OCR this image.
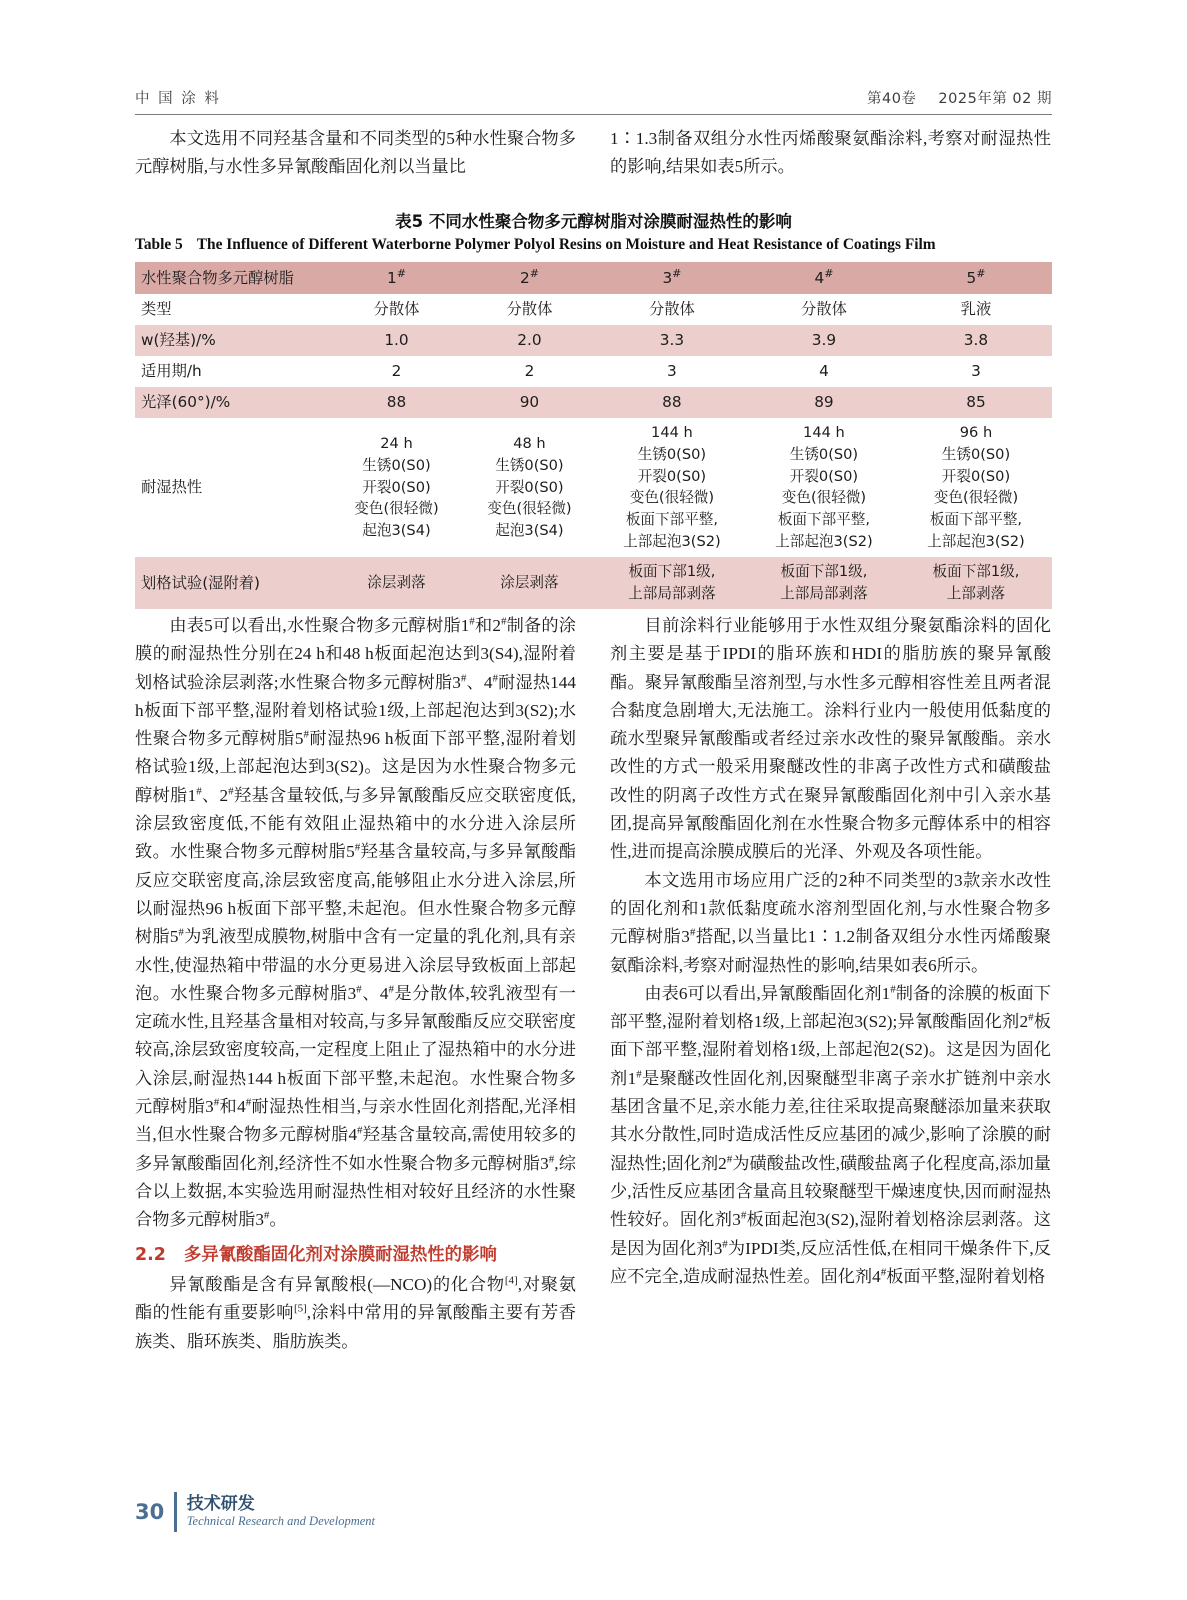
中 国 涂 料	第40卷 2025年第 02 期
本文选用不同羟基含量和不同类型的5种水性聚合物多元醇树脂,与水性多异氰酸酯固化剂以当量比
1∶1.3制备双组分水性丙烯酸聚氨酯涂料,考察对耐湿热性的影响,结果如表5所示。
表5 不同水性聚合物多元醇树脂对涂膜耐湿热性的影响
Table 5 The Influence of Different Waterborne Polymer Polyol Resins on Moisture and Heat Resistance of Coatings Film
水性聚合物多元醇树脂	1#	2#	3#	4#	5#
类型	分散体	分散体	分散体	分散体	乳液
w(羟基)/%	1.0	2.0	3.3	3.9	3.8
适用期/h	2	2	3	4	3
光泽(60°)/%	88	90	88	89	85
耐湿热性	24 h
生锈0(S0)
开裂0(S0)
变色(很轻微)
起泡3(S4)	48 h
生锈0(S0)
开裂0(S0)
变色(很轻微)
起泡3(S4)	144 h
生锈0(S0)
开裂0(S0)
变色(很轻微)
板面下部平整,
上部起泡3(S2)	144 h
生锈0(S0)
开裂0(S0)
变色(很轻微)
板面下部平整,
上部起泡3(S2)	96 h
生锈0(S0)
开裂0(S0)
变色(很轻微)
板面下部平整,
上部起泡3(S2)
划格试验(湿附着)	涂层剥落	涂层剥落	板面下部1级,
上部局部剥落	板面下部1级,
上部局部剥落	板面下部1级,
上部剥落

由表5可以看出,水性聚合物多元醇树脂1#和2#制备的涂膜的耐湿热性分别在24 h和48 h板面起泡达到3(S4),湿附着划格试验涂层剥落;水性聚合物多元醇树脂3#、4#耐湿热144 h板面下部平整,湿附着划格试验1级,上部起泡达到3(S2);水性聚合物多元醇树脂5#耐湿热96 h板面下部平整,湿附着划格试验1级,上部起泡达到3(S2)。这是因为水性聚合物多元醇树脂1#、2#羟基含量较低,与多异氰酸酯反应交联密度低,涂层致密度低,不能有效阻止湿热箱中的水分进入涂层所致。水性聚合物多元醇树脂5#羟基含量较高,与多异氰酸酯反应交联密度高,涂层致密度高,能够阻止水分进入涂层,所以耐湿热96 h板面下部平整,未起泡。但水性聚合物多元醇树脂5#为乳液型成膜物,树脂中含有一定量的乳化剂,具有亲水性,使湿热箱中带温的水分更易进入涂层导致板面上部起泡。水性聚合物多元醇树脂3#、4#是分散体,较乳液型有一定疏水性,且羟基含量相对较高,与多异氰酸酯反应交联密度较高,涂层致密度较高,一定程度上阻止了湿热箱中的水分进入涂层,耐湿热144 h板面下部平整,未起泡。水性聚合物多元醇树脂3#和4#耐湿热性相当,与亲水性固化剂搭配,光泽相当,但水性聚合物多元醇树脂4#羟基含量较高,需使用较多的多异氰酸酯固化剂,经济性不如水性聚合物多元醇树脂3#,综合以上数据,本实验选用耐湿热性相对较好且经济的水性聚合物多元醇树脂3#。

2.2 多异氰酸酯固化剂对涂膜耐湿热性的影响

异氰酸酯是含有异氰酸根(—NCO)的化合物[4],对聚氨酯的性能有重要影响[5],涂料中常用的异氰酸酯主要有芳香族类、脂环族类、脂肪族类。

目前涂料行业能够用于水性双组分聚氨酯涂料的固化剂主要是基于IPDI的脂环族和HDI的脂肪族的聚异氰酸酯。聚异氰酸酯呈溶剂型,与水性多元醇相容性差且两者混合黏度急剧增大,无法施工。涂料行业内一般使用低黏度的疏水型聚异氰酸酯或者经过亲水改性的聚异氰酸酯。亲水改性的方式一般采用聚醚改性的非离子改性方式和磺酸盐改性的阴离子改性方式在聚异氰酸酯固化剂中引入亲水基团,提高异氰酸酯固化剂在水性聚合物多元醇体系中的相容性,进而提高涂膜成膜后的光泽、外观及各项性能。

本文选用市场应用广泛的2种不同类型的3款亲水改性的固化剂和1款低黏度疏水溶剂型固化剂,与水性聚合物多元醇树脂3#搭配,以当量比1∶1.2制备双组分水性丙烯酸聚氨酯涂料,考察对耐湿热性的影响,结果如表6所示。

由表6可以看出,异氰酸酯固化剂1#制备的涂膜的板面下部平整,湿附着划格1级,上部起泡3(S2);异氰酸酯固化剂2#板面下部平整,湿附着划格1级,上部起泡2(S2)。这是因为固化剂1#是聚醚改性固化剂,因聚醚型非离子亲水扩链剂中亲水基团含量不足,亲水能力差,往往采取提高聚醚添加量来获取其水分散性,同时造成活性反应基团的减少,影响了涂膜的耐湿热性;固化剂2#为磺酸盐改性,磺酸盐离子化程度高,添加量少,活性反应基团含量高且较聚醚型干燥速度快,因而耐湿热性较好。固化剂3#板面起泡3(S2),湿附着划格涂层剥落。这是因为固化剂3#为IPDI类,反应活性低,在相同干燥条件下,反应不完全,造成耐湿热性差。固化剂4#板面平整,湿附着划格

30 技术研发
Technical Research and Development
